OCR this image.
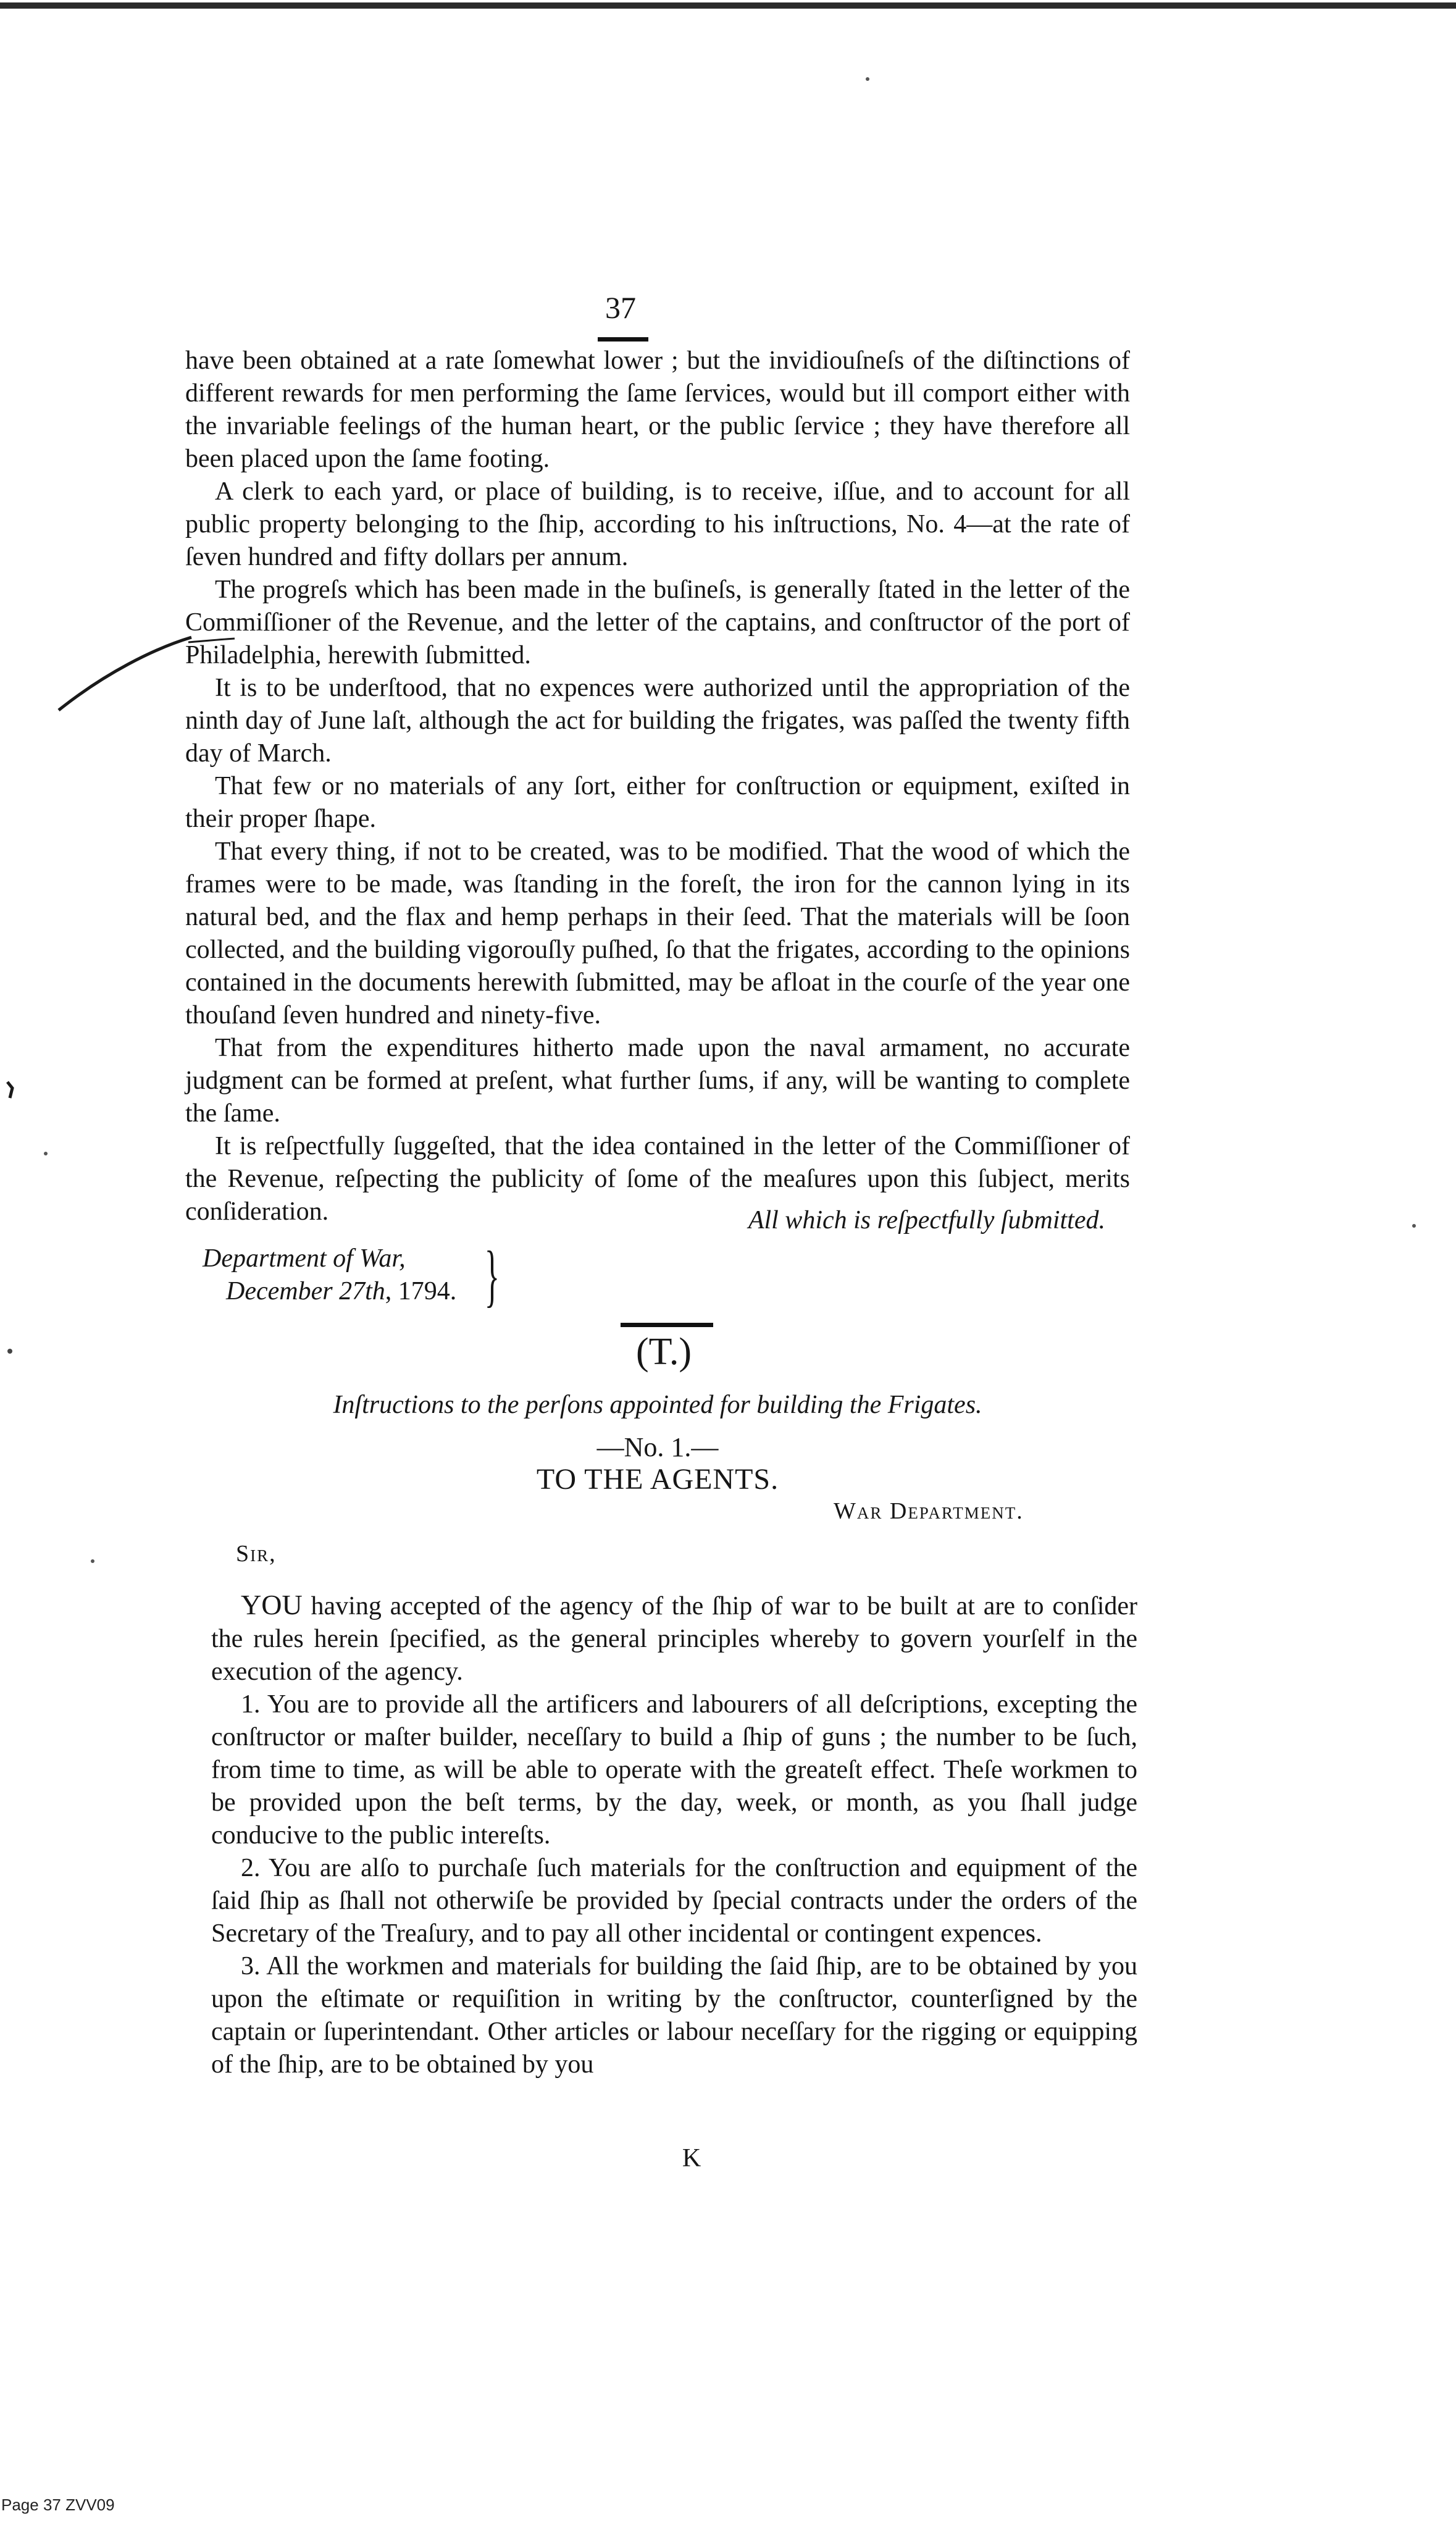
37

have been obtained at a rate ſomewhat lower ; but the invidiouſneſs of the diſtinctions of different rewards for men performing the ſame ſervices, would but ill comport either with the invariable feelings of the human heart, or the public ſervice ; they have therefore all been placed upon the ſame footing.

A clerk to each yard, or place of building, is to receive, iſſue, and to account for all public property belonging to the ſhip, according to his inſtructions, No. 4—at the rate of ſeven hundred and fifty dollars per annum.

The progreſs which has been made in the buſineſs, is generally ſtated in the letter of the Commiſſioner of the Revenue, and the letter of the captains, and conſtructor of the port of Philadelphia, herewith ſubmitted.

It is to be underſtood, that no expences were authorized until the appropriation of the ninth day of June laſt, although the act for building the frigates, was paſſed the twenty fifth day of March.

That few or no materials of any ſort, either for conſtruction or equipment, exiſted in their proper ſhape.

That every thing, if not to be created, was to be modified. That the wood of which the frames were to be made, was ſtanding in the foreſt, the iron for the cannon lying in its natural bed, and the flax and hemp perhaps in their ſeed. That the materials will be ſoon collected, and the building vigorouſly puſhed, ſo that the frigates, according to the opinions contained in the documents herewith ſubmitted, may be afloat in the courſe of the year one thouſand ſeven hundred and ninety-five.

That from the expenditures hitherto made upon the naval armament, no accurate judgment can be formed at preſent, what further ſums, if any, will be wanting to complete the ſame.

It is reſpectfully ſuggeſted, that the idea contained in the letter of the Commiſſioner of the Revenue, reſpecting the publicity of ſome of the meaſures upon this ſubject, merits conſideration.	All which is reſpectfully ſubmitted.
Department of War,
December 27th, 1794. }
(T.)
Inſtructions to the perſons appointed for building the Frigates.
—No. 1.—
TO THE AGENTS.
War Department.
Sir,

YOU having accepted of the agency of the ſhip of war to be built at are to conſider the rules herein ſpecified, as the general principles whereby to govern yourſelf in the execution of the agency.

1. You are to provide all the artificers and labourers of all deſcriptions, excepting the conſtructor or maſter builder, neceſſary to build a ſhip of guns ; the number to be ſuch, from time to time, as will be able to operate with the greateſt effect. Theſe workmen to be provided upon the beſt terms, by the day, week, or month, as you ſhall judge conducive to the public intereſts.

2. You are alſo to purchaſe ſuch materials for the conſtruction and equipment of the ſaid ſhip as ſhall not otherwiſe be provided by ſpecial contracts under the orders of the Secretary of the Treaſury, and to pay all other incidental or contingent expences.

3. All the workmen and materials for building the ſaid ſhip, are to be obtained by you upon the eſtimate or requiſition in writing by the conſtructor, counterſigned by the captain or ſuperintendant. Other articles or labour neceſſary for the rigging or equipping of the ſhip, are to be obtained by you

K
Page 37 ZVV09
